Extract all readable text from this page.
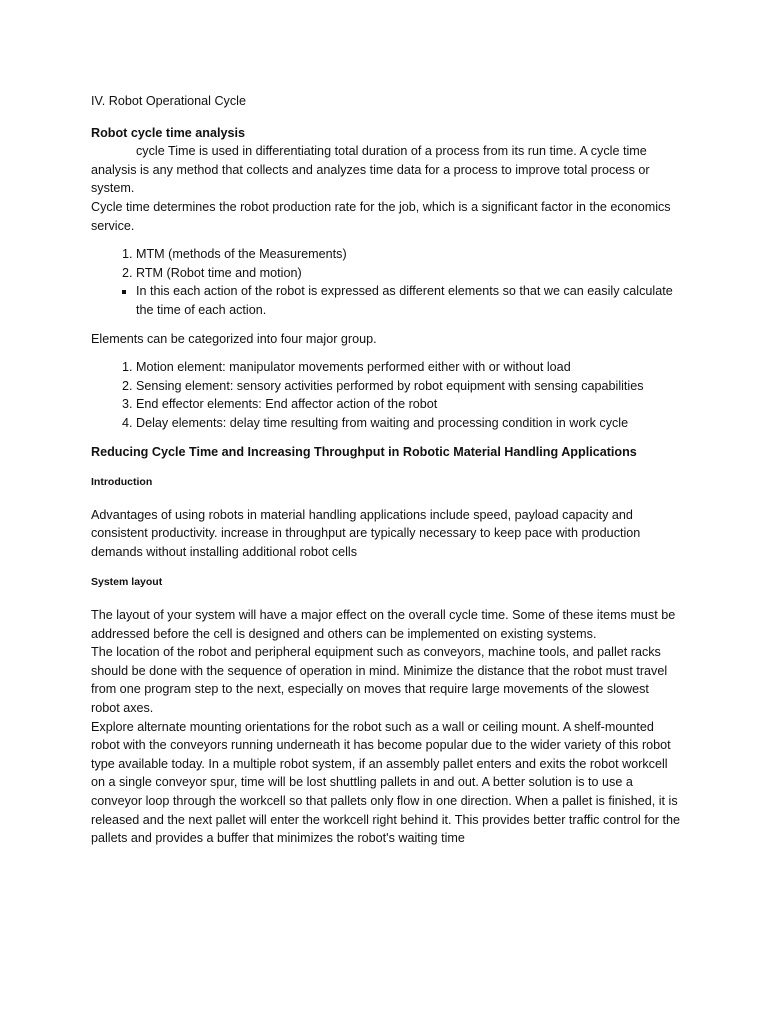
IV. Robot Operational Cycle

Robot cycle time analysis

cycle Time is used in differentiating total duration of a process from its run time. A cycle time analysis is any method that collects and analyzes time data for a process to improve total process or system.

Cycle time determines the robot production rate for the job, which is a significant factor in the economics service.

1. MTM (methods of the Measurements)
2. RTM (Robot time and motion)
▪ In this each action of the robot is expressed as different elements so that we can easily calculate the time of each action.

Elements can be categorized into four major group.

1. Motion element: manipulator movements performed either with or without load
2. Sensing element: sensory activities performed by robot equipment with sensing capabilities
3. End effector elements: End affector action of the robot
4. Delay elements: delay time resulting from waiting and processing condition in work cycle

Reducing Cycle Time and Increasing Throughput in Robotic Material Handling Applications

Introduction

Advantages of using robots in material handling applications include speed, payload capacity and consistent productivity. increase in throughput are typically necessary to keep pace with production demands without installing additional robot cells

System layout

The layout of your system will have a major effect on the overall cycle time. Some of these items must be addressed before the cell is designed and others can be implemented on existing systems.

The location of the robot and peripheral equipment such as conveyors, machine tools, and pallet racks should be done with the sequence of operation in mind. Minimize the distance that the robot must travel from one program step to the next, especially on moves that require large movements of the slowest robot axes.

Explore alternate mounting orientations for the robot such as a wall or ceiling mount. A shelf-mounted robot with the conveyors running underneath it has become popular due to the wider variety of this robot type available today. In a multiple robot system, if an assembly pallet enters and exits the robot workcell on a single conveyor spur, time will be lost shuttling pallets in and out. A better solution is to use a conveyor loop through the workcell so that pallets only flow in one direction. When a pallet is finished, it is released and the next pallet will enter the workcell right behind it. This provides better traffic control for the pallets and provides a buffer that minimizes the robot's waiting time
